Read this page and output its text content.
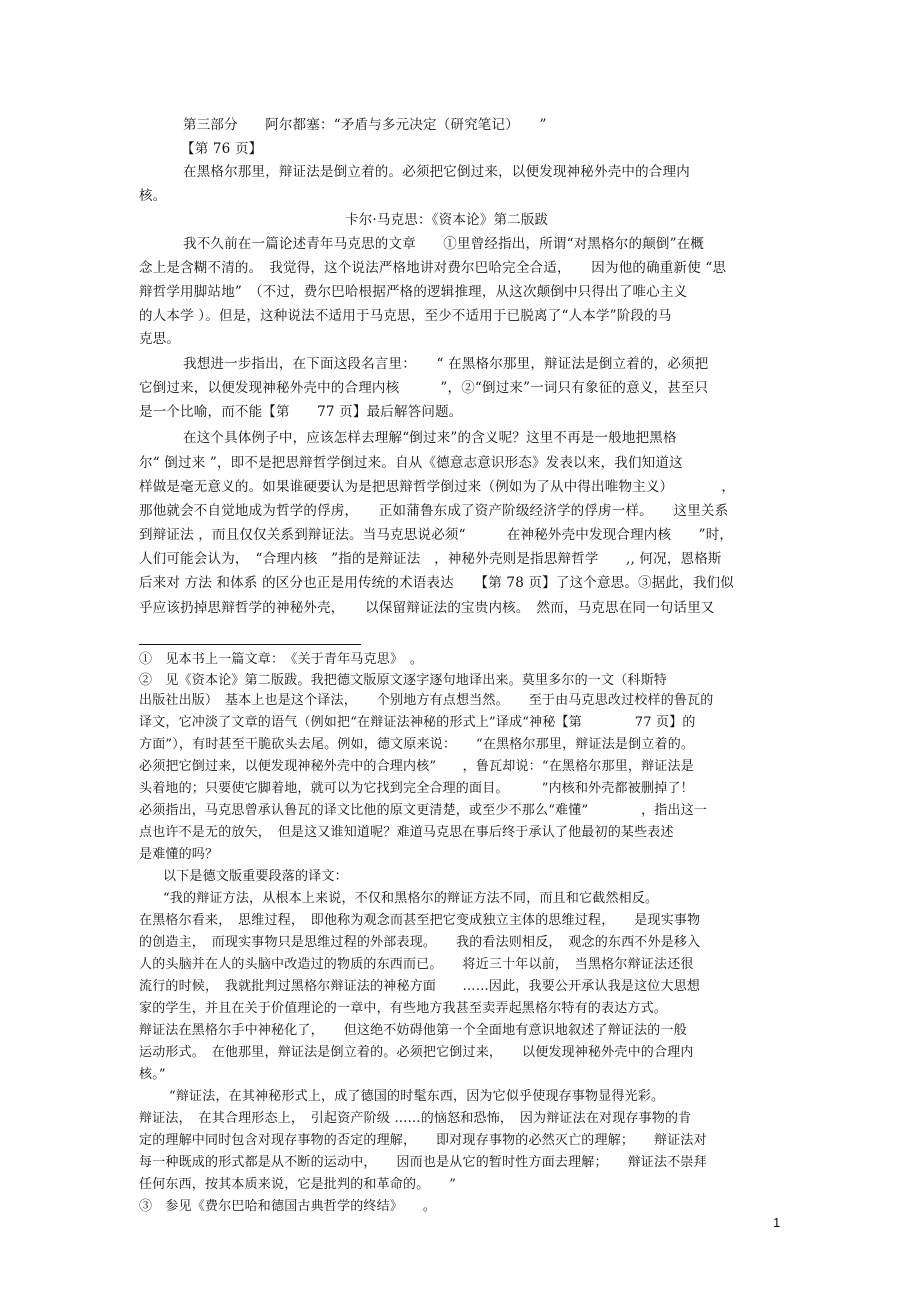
第三部分　　阿尔都塞：“矛盾与多元决定（研究笔记）　　”
【第 76 页】
在黑格尔那里，辩证法是倒立着的。必须把它倒过来，以便发现神秘外壳中的合理内
核。
卡尔·马克思：《资本论》第二版跋
我不久前在一篇论述青年马克思的文章　　①里曾经指出，所谓“对黑格尔的颠倒”在概
念上是含糊不清的。　我觉得，这个说法严格地讲对费尔巴哈完全合适，　　因为他的确重新使 “思
辩哲学用脚站地”　（不过，费尔巴哈根据严格的逻辑推理，从这次颠倒中只得出了唯心主义
的人本学 ）。但是，这种说法不适用于马克思，至少不适用于已脱离了“人本学”阶段的马
克思。
我想进一步指出，在下面这段名言里：　　“ 在黑格尔那里，辩证法是倒立着的，必须把
它倒过来，以便发现神秘外壳中的合理内核　　　”，②“倒过来”一词只有象征的意义，甚至只
是一个比喻，而不能【第　　77 页】最后解答问题。
在这个具体例子中，应该怎样去理解“倒过来”的含义呢？这里不再是一般地把黑格
尔“ 倒过来 ”，即不是把思辩哲学倒过来。自从《德意志意识形态》发表以来，我们知道这
样做是毫无意义的。如果谁硬要认为是把思辩哲学倒过来（例如为了从中得出唯物主义）　　　　，
那他就会不自觉地成为哲学的俘虏，　　正如蒲鲁东成了资产阶级经济学的俘虏一样。　　这里关系
到辩证法 ，而且仅仅关系到辩证法。当马克思说必须“　　　在神秘外壳中发现合理内核　　”时，
人们可能会认为，　“合理内核　”指的是辩证法　，神秘外壳则是指思辩哲学　　,, 何况，恩格斯
后来对 方法 和体系 的区分也正是用传统的术语表达　　【第 78 页】了这个意思。③据此，我们似
乎应该扔掉思辩哲学的神秘外壳，　　以保留辩证法的宝贵内核。　然而，马克思在同一句话里又
①　见本书上一篇文章：　《关于青年马克思》　。
②　见《资本论》第二版跋。我把德文版原文逐字逐句地译出来。莫里多尔的一文（科斯特
出版社出版）　基本上也是这个译法，　　个别地方有点想当然。　　至于由马克思改过校样的鲁瓦的
译文，它冲淡了文章的语气（例如把“在辩证法神秘的形式上”译成“神秘【第　　　　77 页】的
方面”），有时甚至干脆砍头去尾。例如，德文原来说：　　“在黑格尔那里，辩证法是倒立着的。
必须把它倒过来，以便发现神秘外壳中的合理内核”　　，鲁瓦却说：“在黑格尔那里，辩证法是
头着地的；只要使它脚着地，就可以为它找到完全合理的面目。　　　”内核和外壳都被删掉了！
必须指出，马克思曾承认鲁瓦的译文比他的原文更清楚，或至少不那么“难懂”　　　　，指出这一
点也许不是无的放矢，　但是这又谁知道呢？难道马克思在事后终于承认了他最初的某些表述
是难懂的吗？
以下是德文版重要段落的译文：
“我的辩证方法，从根本上来说，不仅和黑格尔的辩证方法不同，而且和它截然相反。
在黑格尔看来，　思维过程，　即他称为观念而甚至把它变成独立主体的思维过程，　　是现实事物
的创造主，　而现实事物只是思维过程的外部表现。　　我的看法则相反，　观念的东西不外是移入
人的头脑并在人的头脑中改造过的物质的东西而已。　　将近三十年以前，　当黑格尔辩证法还很
流行的时候，　我就批判过黑格尔辩证法的神秘方面　　……因此，我要公开承认我是这位大思想
家的学生，并且在关于价值理论的一章中，有些地方我甚至卖弄起黑格尔特有的表达方式。
辩证法在黑格尔手中神秘化了，　　但这绝不妨碍他第一个全面地有意识地叙述了辩证法的一般
运动形式。　在他那里，辩证法是倒立着的。必须把它倒过来，　　以便发现神秘外壳中的合理内
核。”
“辩证法，在其神秘形式上，成了德国的时髦东西，因为它似乎使现存事物显得光彩。
辩证法，　在其合理形态上，　引起资产阶级 ……的恼怒和恐怖，　因为辩证法在对现存事物的肯
定的理解中同时包含对现存事物的否定的理解，　　即对现存事物的必然灭亡的理解；　　辩证法对
每一种既成的形式都是从不断的运动中，　　因而也是从它的暂时性方面去理解；　　辩证法不崇拜
任何东西，按其本质来说，它是批判的和革命的。　　”
③　参见《费尔巴哈和德国古典哲学的终结》　　。
1
